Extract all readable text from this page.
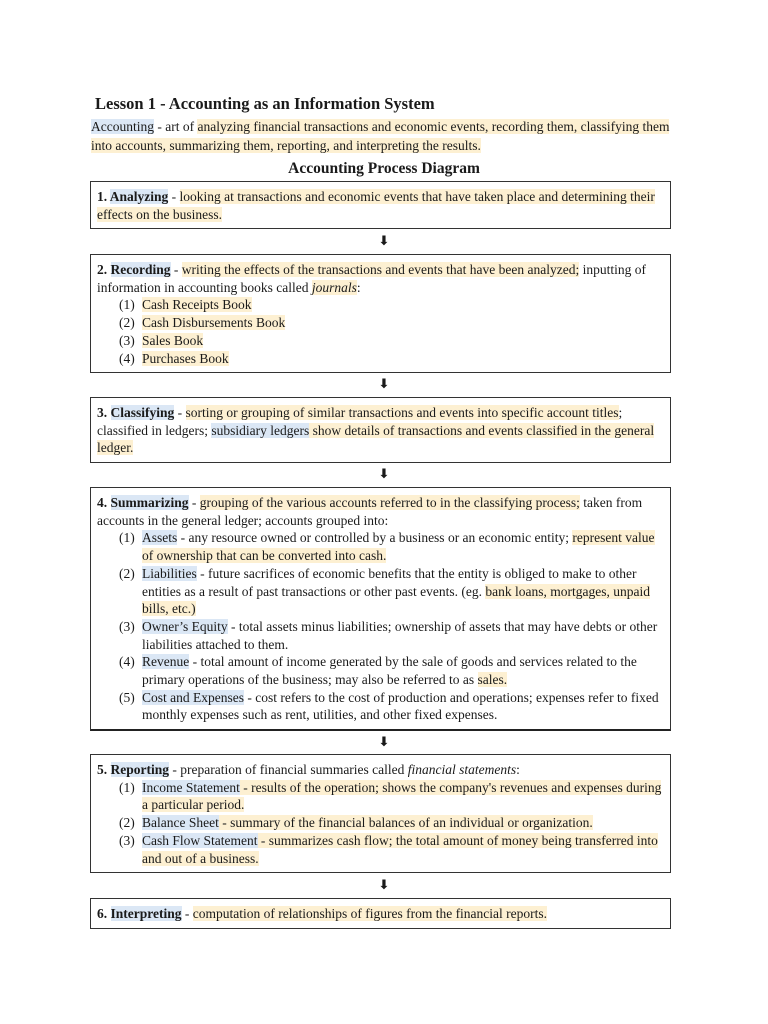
Lesson 1 - Accounting as an Information System

Accounting - art of analyzing financial transactions and economic events, recording them, classifying them into accounts, summarizing them, reporting, and interpreting the results.

Accounting Process Diagram

1. Analyzing - looking at transactions and economic events that have taken place and determining their effects on the business.

⬇

2. Recording - writing the effects of the transactions and events that have been analyzed; inputting of information in accounting books called journals:

(1) Cash Receipts Book
(2) Cash Disbursements Book
(3) Sales Book
(4) Purchases Book
⬇

3. Classifying - sorting or grouping of similar transactions and events into specific account titles; classified in ledgers; subsidiary ledgers show details of transactions and events classified in the general ledger.

⬇

4. Summarizing - grouping of the various accounts referred to in the classifying process; taken from accounts in the general ledger; accounts grouped into:

(1) Assets - any resource owned or controlled by a business or an economic entity; represent value of ownership that can be converted into cash.
(2) Liabilities - future sacrifices of economic benefits that the entity is obliged to make to other entities as a result of past transactions or other past events. (eg. bank loans, mortgages, unpaid bills, etc.)
(3) Owner’s Equity - total assets minus liabilities; ownership of assets that may have debts or other liabilities attached to them.
(4) Revenue - total amount of income generated by the sale of goods and services related to the primary operations of the business; may also be referred to as sales.
(5) Cost and Expenses - cost refers to the cost of production and operations; expenses refer to fixed monthly expenses such as rent, utilities, and other fixed expenses.
⬇

5. Reporting - preparation of financial summaries called financial statements:

(1) Income Statement - results of the operation; shows the company's revenues and expenses during a particular period.
(2) Balance Sheet - summary of the financial balances of an individual or organization.
(3) Cash Flow Statement - summarizes cash flow; the total amount of money being transferred into and out of a business.
⬇

6. Interpreting - computation of relationships of figures from the financial reports.
